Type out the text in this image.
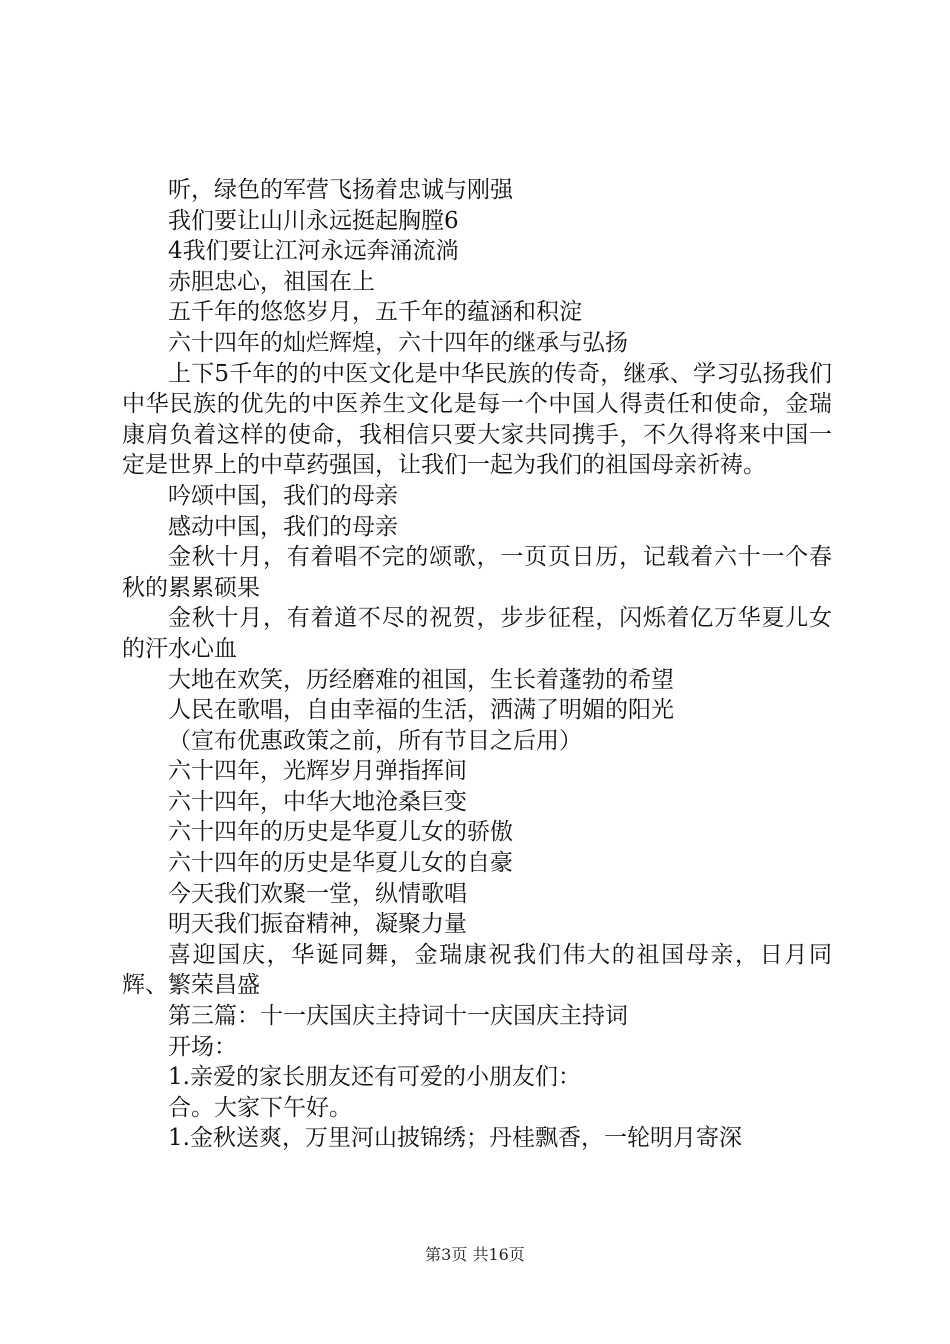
听，绿色的军营飞扬着忠诚与刚强

我们要让山川永远挺起胸膛6

4我们要让江河永远奔涌流淌

赤胆忠心，祖国在上

五千年的悠悠岁月，五千年的蕴涵和积淀

六十四年的灿烂辉煌，六十四年的继承与弘扬

上下5千年的的中医文化是中华民族的传奇，继承、学习弘扬我们中华民族的优先的中医养生文化是每一个中国人得责任和使命，金瑞康肩负着这样的使命，我相信只要大家共同携手，不久得将来中国一定是世界上的中草药强国，让我们一起为我们的祖国母亲祈祷。

吟颂中国，我们的母亲

感动中国，我们的母亲

金秋十月，有着唱不完的颂歌，一页页日历，记载着六十一个春秋的累累硕果

金秋十月，有着道不尽的祝贺，步步征程，闪烁着亿万华夏儿女的汗水心血

大地在欢笑，历经磨难的祖国，生长着蓬勃的希望

人民在歌唱，自由幸福的生活，洒满了明媚的阳光

（宣布优惠政策之前，所有节目之后用）

六十四年，光辉岁月弹指挥间

六十四年，中华大地沧桑巨变

六十四年的历史是华夏儿女的骄傲

六十四年的历史是华夏儿女的自豪

今天我们欢聚一堂，纵情歌唱

明天我们振奋精神，凝聚力量

喜迎国庆，华诞同舞，金瑞康祝我们伟大的祖国母亲，日月同辉、繁荣昌盛

第三篇：十一庆国庆主持词十一庆国庆主持词

开场：

1.亲爱的家长朋友还有可爱的小朋友们：

合。大家下午好。

1.金秋送爽，万里河山披锦绣；丹桂飘香，一轮明月寄深

第3页 共16页
